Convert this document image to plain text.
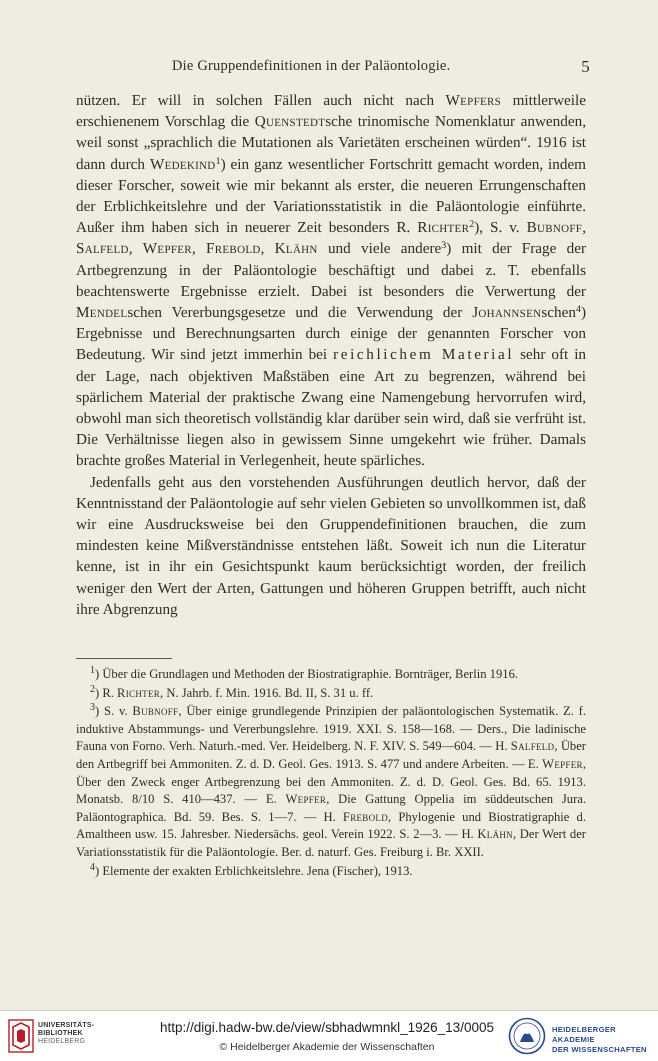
Die Gruppendefinitionen in der Paläontologie.	5

nützen. Er will in solchen Fällen auch nicht nach Wepfers mittlerweile erschienenem Vorschlag die Quenstedtsche trinomische Nomenklatur anwenden, weil sonst „sprachlich die Mutationen als Varietäten erscheinen würden“. 1916 ist dann durch Wedekind$^1$) ein ganz wesentlicher Fortschritt gemacht worden, indem dieser Forscher, soweit wie mir bekannt als erster, die neueren Errungenschaften der Erblichkeitslehre und der Variationsstatistik in die Paläontologie einführte. Außer ihm haben sich in neuerer Zeit besonders R. Richter$^2$), S. v. Bubnoff, Salfeld, Wepfer, Frebold, Klähn und viele andere$^3$) mit der Frage der Artbegrenzung in der Paläontologie beschäftigt und dabei z. T. ebenfalls beachtenswerte Ergebnisse erzielt. Dabei ist besonders die Verwertung der Mendelschen Vererbungsgesetze und die Verwendung der Johannsenschen$^4$) Ergebnisse und Berechnungsarten durch einige der genannten Forscher von Bedeutung. Wir sind jetzt immerhin bei reichlichem Material sehr oft in der Lage, nach objektiven Maßstäben eine Art zu begrenzen, während bei spärlichem Material der praktische Zwang eine Namengebung hervorrufen wird, obwohl man sich theoretisch vollständig klar darüber sein wird, daß sie verfrüht ist. Die Verhältnisse liegen also in gewissem Sinne umgekehrt wie früher. Damals brachte großes Material in Verlegenheit, heute spärliches.

Jedenfalls geht aus den vorstehenden Ausführungen deutlich hervor, daß der Kenntnisstand der Paläontologie auf sehr vielen Gebieten so unvollkommen ist, daß wir eine Ausdrucksweise bei den Gruppendefinitionen brauchen, die zum mindesten keine Mißverständnisse entstehen läßt. Soweit ich nun die Literatur kenne, ist in ihr ein Gesichtspunkt kaum berücksichtigt worden, der freilich weniger den Wert der Arten, Gattungen und höheren Gruppen betrifft, auch nicht ihre Abgrenzung

$^1$) Über die Grundlagen und Methoden der Biostratigraphie. Bornträger, Berlin 1916.

$^2$) R. Richter, N. Jahrb. f. Min. 1916. Bd. II, S. 31 u. ff.

$^3$) S. v. Bubnoff, Über einige grundlegende Prinzipien der paläontologischen Systematik. Z. f. induktive Abstammungs- und Vererbungslehre. 1919. XXI. S. 158—168. — Ders., Die ladinische Fauna von Forno. Verh. Naturh.-med. Ver. Heidelberg. N. F. XIV. S. 549—604. — H. Salfeld, Über den Artbegriff bei Ammoniten. Z. d. D. Geol. Ges. 1913. S. 477 und andere Arbeiten. — E. Wepfer, Über den Zweck enger Artbegrenzung bei den Ammoniten. Z. d. D. Geol. Ges. Bd. 65. 1913. Monatsb. 8/10 S. 410—437. — E. Wepfer, Die Gattung Oppelia im süddeutschen Jura. Paläontographica. Bd. 59. Bes. S. 1—7. — H. Frebold, Phylogenie und Biostratigraphie d. Amaltheen usw. 15. Jahresber. Niedersächs. geol. Verein 1922. S. 2—3. — H. Klähn, Der Wert der Variationsstatistik für die Paläontologie. Ber. d. naturf. Ges. Freiburg i. Br. XXII.

$^4$) Elemente der exakten Erblichkeitslehre. Jena (Fischer), 1913.

UNIVERSITÄTS-
BIBLIOTHEK
HEIDELBERG
http://digi.hadw-bw.de/view/sbhadwmnkl_1926_13/0005
© Heidelberger Akademie der Wissenschaften
HEIDELBERGER AKADEMIE
DER WISSENSCHAFTEN
